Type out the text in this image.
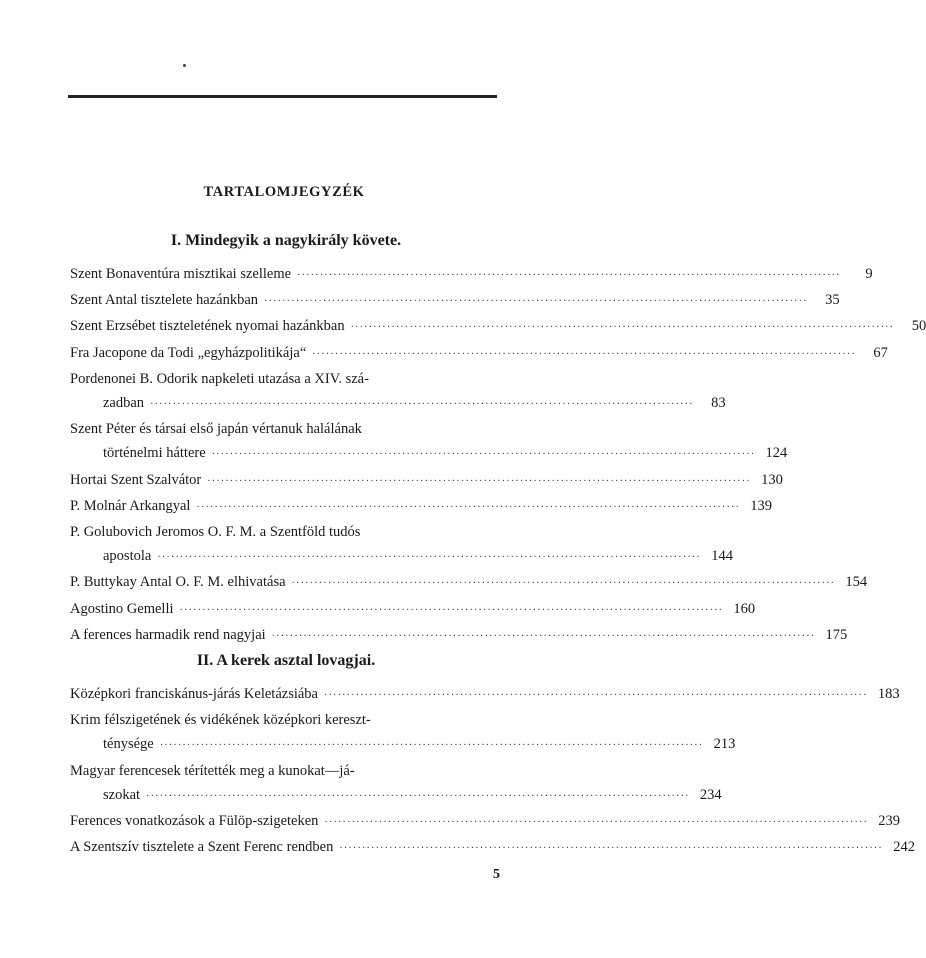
TARTALOMJEGYZÉK
I. Mindegyik a nagykirály követe.
Szent Bonaventúra misztikai szelleme ························································································································	9
Szent Antal tisztelete hazánkban ························································································································	35
Szent Erzsébet tiszteletének nyomai hazánkban ························································································································	50
Fra Jacopone da Todi „egyházpolitikája“ ························································································································	67
Pordenonei B. Odorik napkeleti utazása a XIV. szá-
zadban ························································································································	83
Szent Péter és társai első japán vértanuk halálának
történelmi háttere ························································································································ 124
Hortai Szent Szalvátor ························································································································ 130
P. Molnár Arkangyal ························································································································ 139
P. Golubovich Jeromos O. F. M. a Szentföld tudós
apostola ························································································································ 144
P. Buttykay Antal O. F. M. elhivatása ························································································································ 154
Agostino Gemelli ························································································································ 160
A ferences harmadik rend nagyjai ························································································································ 175
II. A kerek asztal lovagjai.
Középkori franciskánus-járás Keletázsiába ························································································································ 183
Krim félszigetének és vidékének középkori kereszt-
ténysége ························································································································ 213
Magyar ferencesek térítették meg a kunokat—já-
szokat ························································································································ 234
Ferences vonatkozások a Fülöp-szigeteken ························································································································ 239
A Szentszív tisztelete a Szent Ferenc rendben ························································································································ 242
5
